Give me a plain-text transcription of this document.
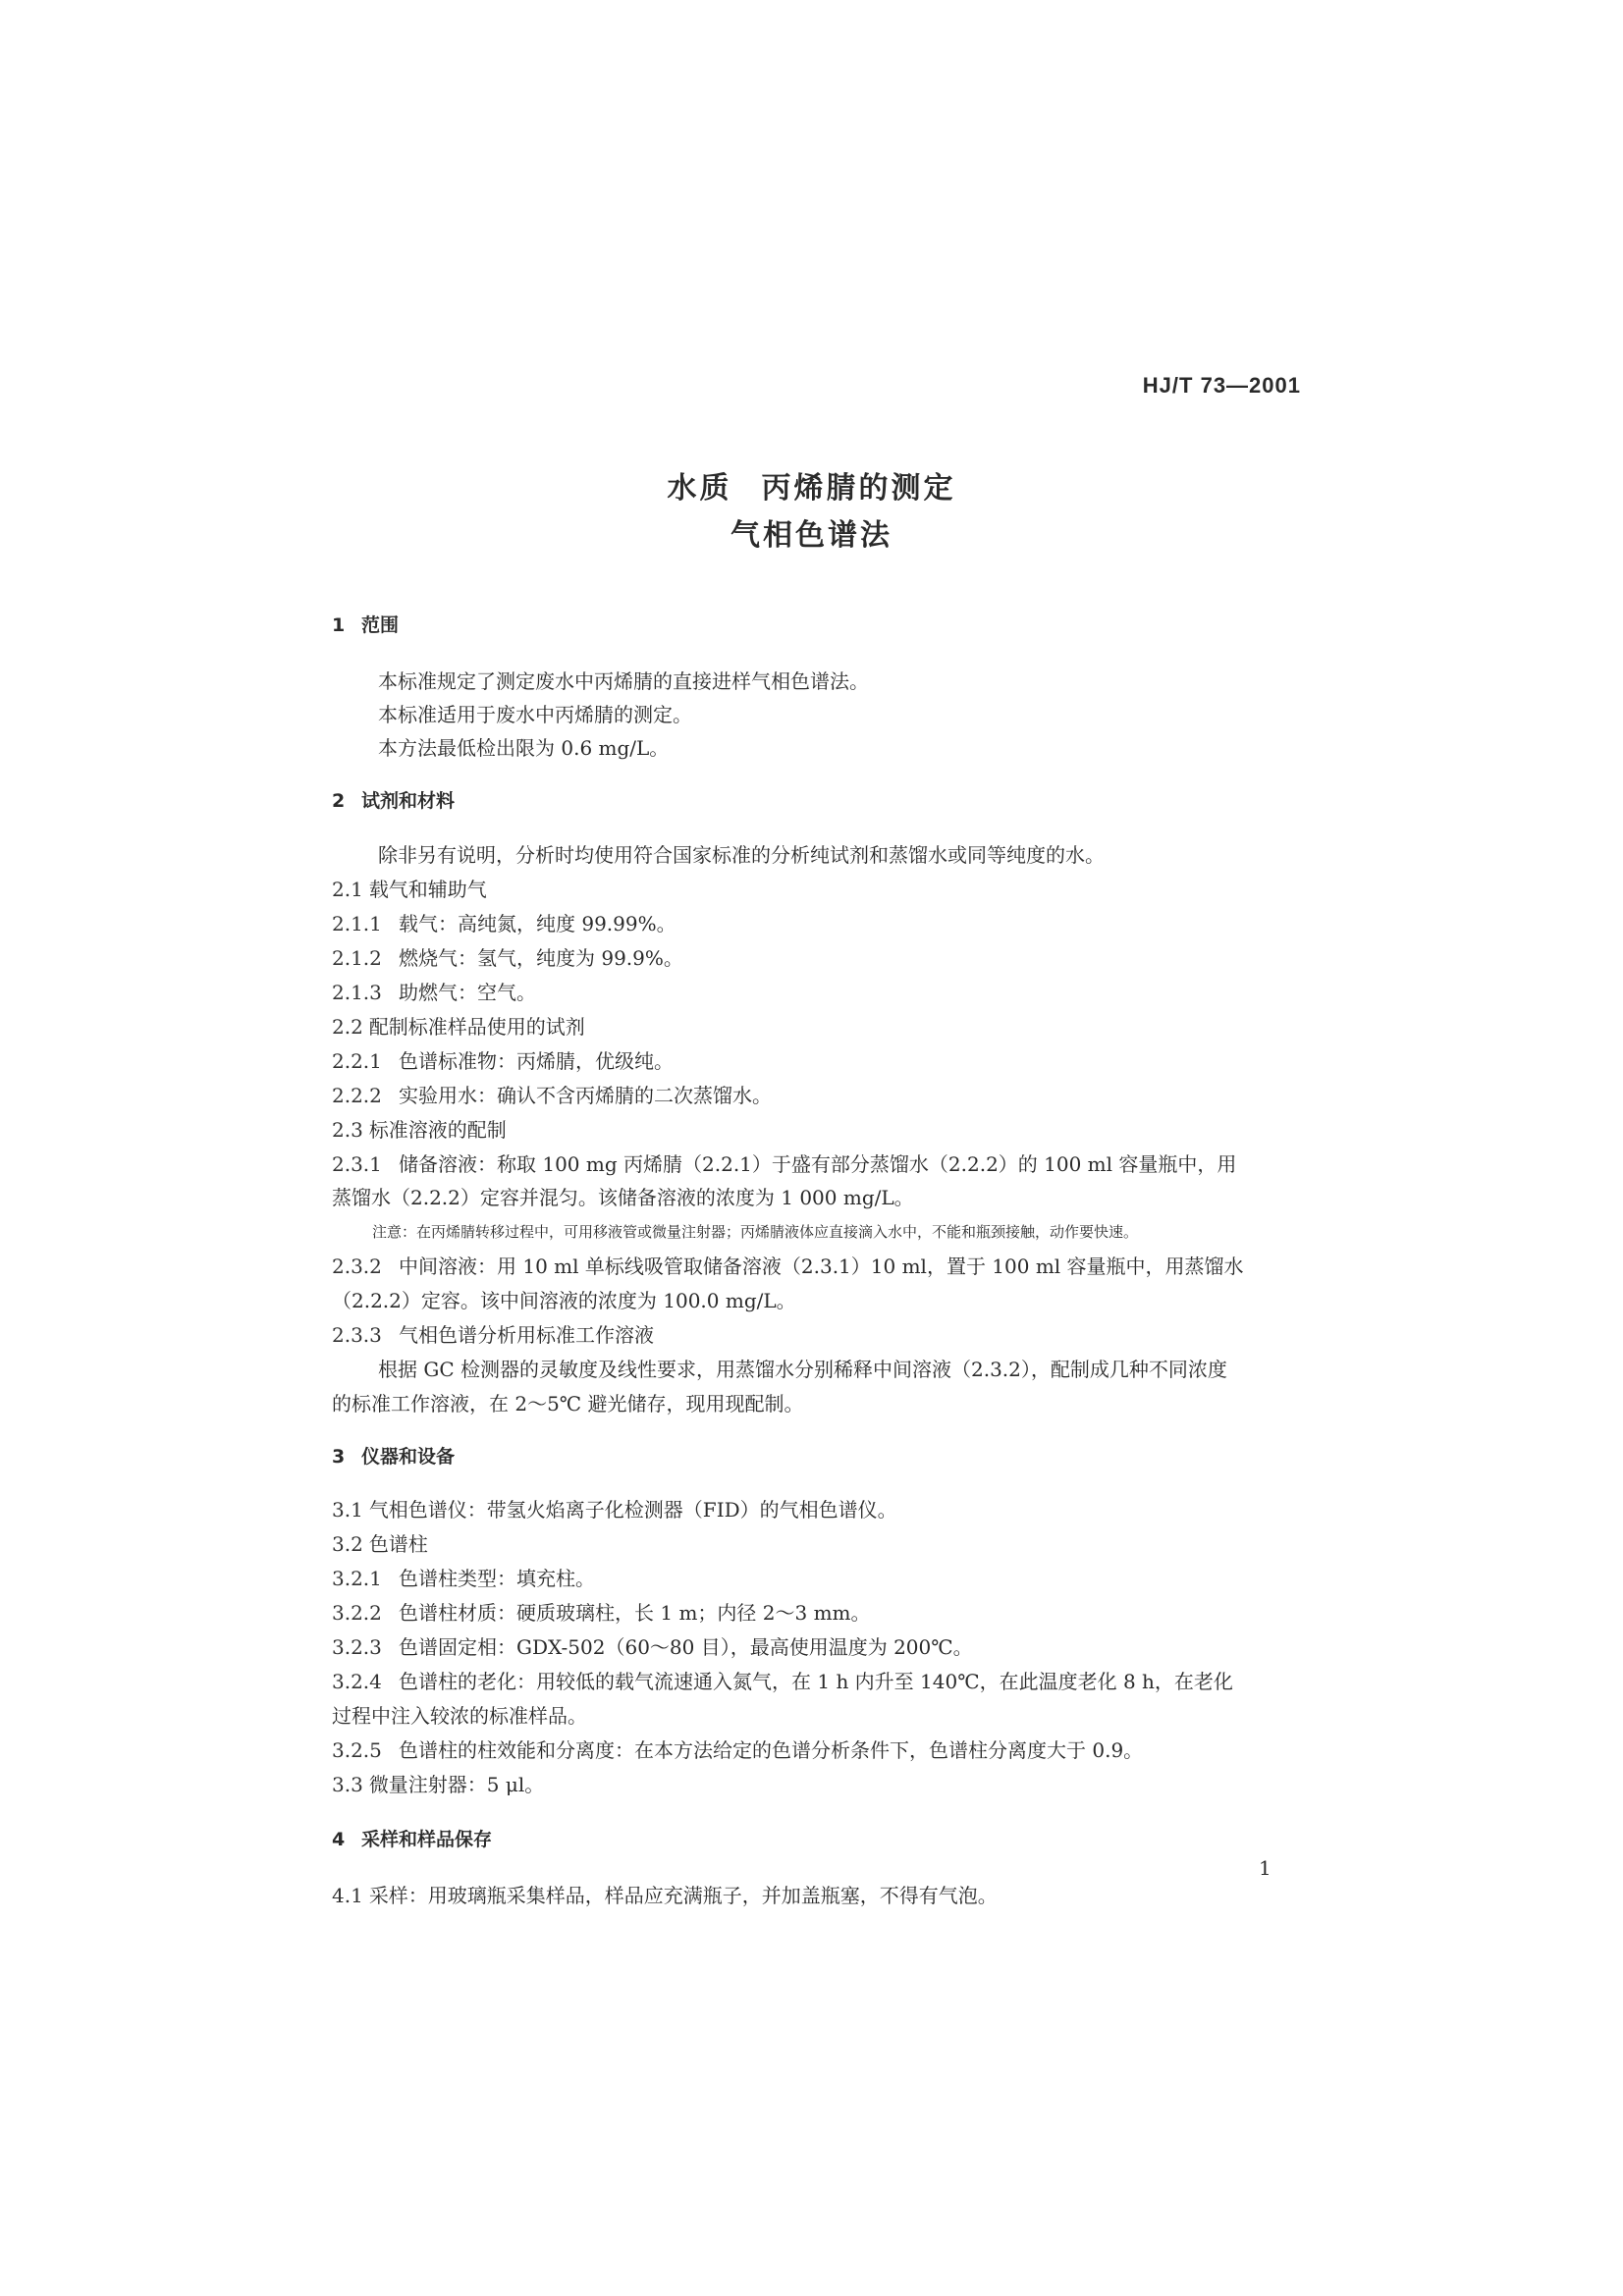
HJ/T 73—2001
水质 丙烯腈的测定
气相色谱法
1 范围
本标准规定了测定废水中丙烯腈的直接进样气相色谱法。
本标准适用于废水中丙烯腈的测定。
本方法最低检出限为 0.6 mg/L。
2 试剂和材料
除非另有说明，分析时均使用符合国家标准的分析纯试剂和蒸馏水或同等纯度的水。
2.1 载气和辅助气
2.1.1 载气：高纯氮，纯度 99.99%。
2.1.2 燃烧气：氢气，纯度为 99.9%。
2.1.3 助燃气：空气。
2.2 配制标准样品使用的试剂
2.2.1 色谱标准物：丙烯腈，优级纯。
2.2.2 实验用水：确认不含丙烯腈的二次蒸馏水。
2.3 标准溶液的配制
2.3.1 储备溶液：称取 100 mg 丙烯腈（2.2.1）于盛有部分蒸馏水（2.2.2）的 100 ml 容量瓶中，用
蒸馏水（2.2.2）定容并混匀。该储备溶液的浓度为 1 000 mg/L。
注意：在丙烯腈转移过程中，可用移液管或微量注射器；丙烯腈液体应直接滴入水中，不能和瓶颈接触，动作要快速。
2.3.2 中间溶液：用 10 ml 单标线吸管取储备溶液（2.3.1）10 ml，置于 100 ml 容量瓶中，用蒸馏水
（2.2.2）定容。该中间溶液的浓度为 100.0 mg/L。
2.3.3 气相色谱分析用标准工作溶液
根据 GC 检测器的灵敏度及线性要求，用蒸馏水分别稀释中间溶液（2.3.2），配制成几种不同浓度
的标准工作溶液，在 2～5℃ 避光储存，现用现配制。
3 仪器和设备
3.1 气相色谱仪：带氢火焰离子化检测器（FID）的气相色谱仪。
3.2 色谱柱
3.2.1 色谱柱类型：填充柱。
3.2.2 色谱柱材质：硬质玻璃柱，长 1 m；内径 2～3 mm。
3.2.3 色谱固定相：GDX-502（60～80 目），最高使用温度为 200℃。
3.2.4 色谱柱的老化：用较低的载气流速通入氮气，在 1 h 内升至 140℃，在此温度老化 8 h，在老化
过程中注入较浓的标准样品。
3.2.5 色谱柱的柱效能和分离度：在本方法给定的色谱分析条件下，色谱柱分离度大于 0.9。
3.3 微量注射器：5 μl。
4 采样和样品保存
4.1 采样：用玻璃瓶采集样品，样品应充满瓶子，并加盖瓶塞，不得有气泡。
1
